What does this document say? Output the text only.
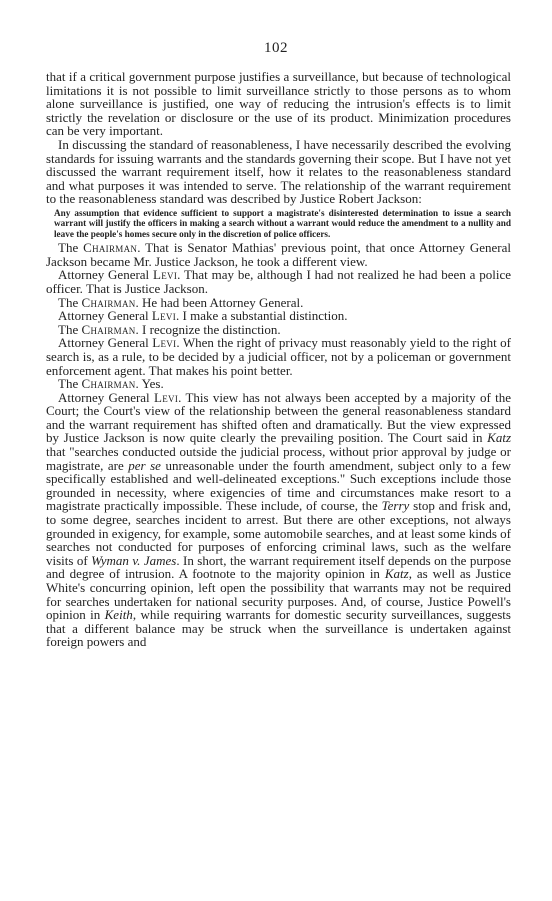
102

that if a critical government purpose justifies a surveillance, but because of technological limitations it is not possible to limit surveillance strictly to those persons as to whom alone surveillance is justified, one way of reducing the intrusion's effects is to limit strictly the revelation or disclosure or the use of its product. Minimization procedures can be very important.

In discussing the standard of reasonableness, I have necessarily described the evolving standards for issuing warrants and the standards governing their scope. But I have not yet discussed the warrant requirement itself, how it relates to the reasonableness standard and what purposes it was intended to serve. The relationship of the warrant requirement to the reasonableness standard was described by Justice Robert Jackson:

Any assumption that evidence sufficient to support a magistrate's disinterested determination to issue a search warrant will justify the officers in making a search without a warrant would reduce the amendment to a nullity and leave the people's homes secure only in the discretion of police officers.

The Chairman. That is Senator Mathias' previous point, that once Attorney General Jackson became Mr. Justice Jackson, he took a different view.

Attorney General Levi. That may be, although I had not realized he had been a police officer. That is Justice Jackson.

The Chairman. He had been Attorney General.

Attorney General Levi. I make a substantial distinction.

The Chairman. I recognize the distinction.

Attorney General Levi. When the right of privacy must reasonably yield to the right of search is, as a rule, to be decided by a judicial officer, not by a policeman or government enforcement agent. That makes his point better.

The Chairman. Yes.

Attorney General Levi. This view has not always been accepted by a majority of the Court; the Court's view of the relationship between the general reasonableness standard and the warrant requirement has shifted often and dramatically. But the view expressed by Justice Jackson is now quite clearly the prevailing position. The Court said in Katz that "searches conducted outside the judicial process, without prior approval by judge or magistrate, are per se unreasonable under the fourth amendment, subject only to a few specifically established and well-delineated exceptions." Such exceptions include those grounded in necessity, where exigencies of time and circumstances make resort to a magistrate practically impossible. These include, of course, the Terry stop and frisk and, to some degree, searches incident to arrest. But there are other exceptions, not always grounded in exigency, for example, some automobile searches, and at least some kinds of searches not conducted for purposes of enforcing criminal laws, such as the welfare visits of Wyman v. James. In short, the warrant requirement itself depends on the purpose and degree of intrusion. A footnote to the majority opinion in Katz, as well as Justice White's concurring opinion, left open the possibility that warrants may not be required for searches undertaken for national security purposes. And, of course, Justice Powell's opinion in Keith, while requiring warrants for domestic security surveillances, suggests that a different balance may be struck when the surveillance is undertaken against foreign powers and
